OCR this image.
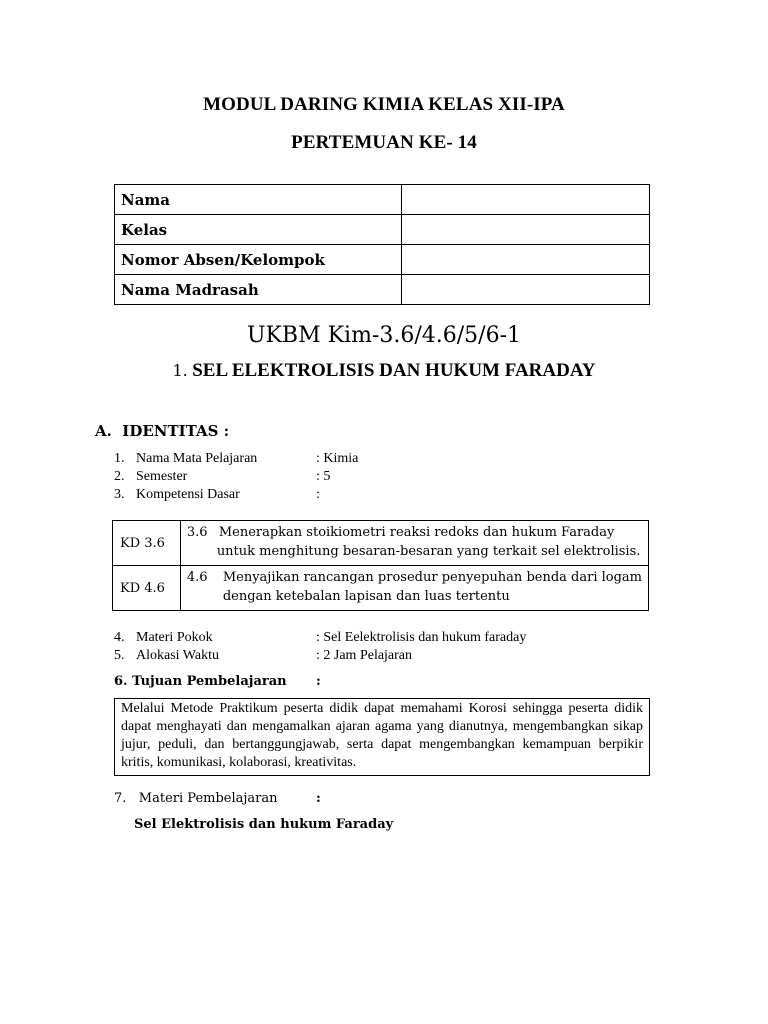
MODUL DARING KIMIA KELAS XII-IPA
PERTEMUAN KE- 14
Nama	
Kelas	
Nomor Absen/Kelompok	
Nama Madrasah	
UKBM Kim-3.6/4.6/5/6-1
1. SEL ELEKTROLISIS DAN HUKUM FARADAY
A.  IDENTITAS :
1. Nama Mata Pelajaran	: Kimia
2. Semester	: 5
3. Kompetensi Dasar	:
KD 3.6	3.6 Menerapkan stoikiometri reaksi redoks dan hukum Faraday
untuk menghitung besaran-besaran yang terkait sel elektrolisis.

KD 4.6	4.6 Menyajikan rancangan prosedur penyepuhan benda dari logam
dengan ketebalan lapisan dan luas tertentu
4. Materi Pokok	: Sel Eelektrolisis dan hukum faraday
5. Alokasi Waktu	: 2 Jam Pelajaran
6. Tujuan Pembelajaran :
Melalui Metode Praktikum peserta didik dapat memahami Korosi sehingga peserta didik dapat menghayati dan mengamalkan ajaran agama yang dianutnya, mengembangkan sikap jujur, peduli, dan bertanggungjawab, serta dapat mengembangkan kemampuan berpikir kritis, komunikasi, kolaborasi, kreativitas.
7.   Materi Pembelajaran	:
Sel Elektrolisis dan hukum Faraday
